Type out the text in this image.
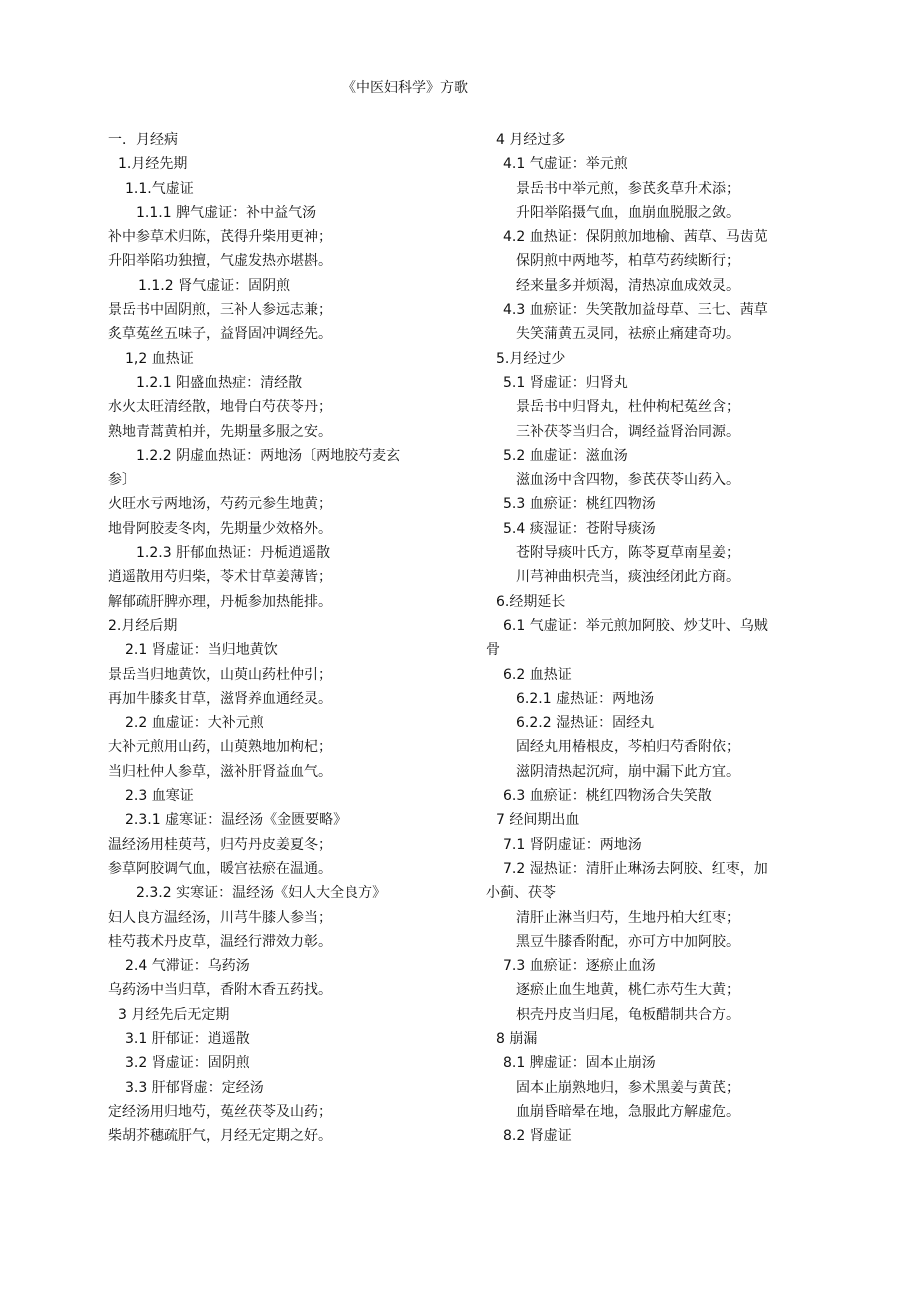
《中医妇科学》方歌
一．月经病
1.月经先期
1.1.气虚证
1.1.1 脾气虚证：补中益气汤
补中参草术归陈，芪得升柴用更神；
升阳举陷功独擅，气虚发热亦堪斟。
1.1.2 肾气虚证：固阴煎
景岳书中固阴煎，三补人参远志兼；
炙草菟丝五味子，益肾固冲调经先。
1,2 血热证
1.2.1 阳盛血热症：清经散
水火太旺清经散，地骨白芍茯苓丹；
熟地青蒿黄柏并，先期量多服之安。
1.2.2 阴虚血热证：两地汤〔两地胶芍麦玄
参〕
火旺水亏两地汤，芍药元参生地黄；
地骨阿胶麦冬肉，先期量少效格外。
1.2.3 肝郁血热证：丹栀逍遥散
逍遥散用芍归柴，苓术甘草姜薄皆；
解郁疏肝脾亦理，丹栀参加热能排。
2.月经后期
2.1 肾虚证：当归地黄饮
景岳当归地黄饮，山萸山药杜仲引；
再加牛膝炙甘草，滋肾养血通经灵。
2.2 血虚证：大补元煎
大补元煎用山药，山萸熟地加枸杞；
当归杜仲人参草，滋补肝肾益血气。
2.3 血寒证
2.3.1 虚寒证：温经汤《金匮要略》
温经汤用桂萸芎，归芍丹皮姜夏冬；
参草阿胶调气血，暖宫祛瘀在温通。
2.3.2 实寒证：温经汤《妇人大全良方》
妇人良方温经汤，川芎牛膝人参当；
桂芍莪术丹皮草，温经行滞效力彰。
2.4 气滞证：乌药汤
乌药汤中当归草，香附木香五药找。
3 月经先后无定期
3.1 肝郁证：逍遥散
3.2 肾虚证：固阴煎
3.3 肝郁肾虚：定经汤
定经汤用归地芍，菟丝茯苓及山药；
柴胡芥穗疏肝气，月经无定期之好。
4 月经过多
4.1 气虚证：举元煎
景岳书中举元煎，参芪炙草升术添；
升阳举陷摄气血，血崩血脱服之敛。
4.2 血热证：保阴煎加地榆、茜草、马齿苋
保阴煎中两地芩，柏草芍药续断行；
经来量多并烦渴，清热凉血成效灵。
4.3 血瘀证：失笑散加益母草、三七、茜草
失笑蒲黄五灵同，祛瘀止痛建奇功。
5.月经过少
5.1 肾虚证：归肾丸
景岳书中归肾丸，杜仲枸杞菟丝含；
三补茯苓当归合，调经益肾治同源。
5.2 血虚证：滋血汤
滋血汤中含四物，参芪茯苓山药入。
5.3 血瘀证：桃红四物汤
5.4 痰湿证：苍附导痰汤
苍附导痰叶氏方，陈苓夏草南星姜；
川芎神曲枳壳当，痰浊经闭此方商。
6.经期延长
6.1 气虚证：举元煎加阿胶、炒艾叶、乌贼
骨
6.2 血热证
6.2.1 虚热证：两地汤
6.2.2 湿热证：固经丸
固经丸用椿根皮，芩柏归芍香附依；
滋阴清热起沉疴，崩中漏下此方宜。
6.3 血瘀证：桃红四物汤合失笑散
7 经间期出血
7.1 肾阴虚证：两地汤
7.2 湿热证：清肝止琳汤去阿胶、红枣，加
小蓟、茯苓
清肝止淋当归芍，生地丹柏大红枣；
黑豆牛膝香附配，亦可方中加阿胶。
7.3 血瘀证：逐瘀止血汤
逐瘀止血生地黄，桃仁赤芍生大黄；
枳壳丹皮当归尾，龟板醋制共合方。
8 崩漏
8.1 脾虚证：固本止崩汤
固本止崩熟地归，参术黑姜与黄芪；
血崩昏暗晕在地，急服此方解虚危。
8.2 肾虚证
